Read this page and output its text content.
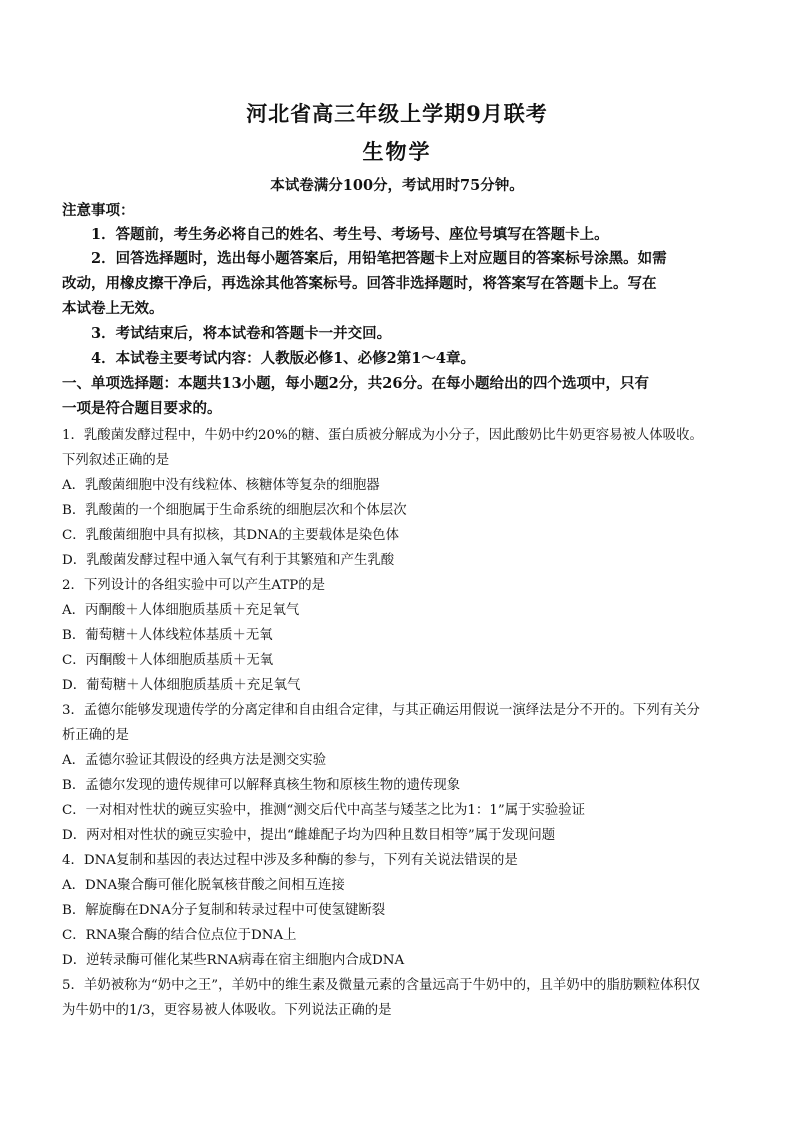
河北省高三年级上学期9月联考
生物学
本试卷满分100分，考试用时75分钟。
注意事项：
1．答题前，考生务必将自己的姓名、考生号、考场号、座位号填写在答题卡上。
2．回答选择题时，选出每小题答案后，用铅笔把答题卡上对应题目的答案标号涂黑。如需
改动，用橡皮擦干净后，再选涂其他答案标号。回答非选择题时，将答案写在答题卡上。写在
本试卷上无效。
3．考试结束后，将本试卷和答题卡一并交回。
4．本试卷主要考试内容：人教版必修1、必修2第1～4章。
一、单项选择题：本题共13小题，每小题2分，共26分。在每小题给出的四个选项中，只有
一项是符合题目要求的。
1．乳酸菌发酵过程中，牛奶中约20%的糖、蛋白质被分解成为小分子，因此酸奶比牛奶更容易被人体吸收。
下列叙述正确的是
A．乳酸菌细胞中没有线粒体、核糖体等复杂的细胞器
B．乳酸菌的一个细胞属于生命系统的细胞层次和个体层次
C．乳酸菌细胞中具有拟核，其DNA的主要载体是染色体
D．乳酸菌发酵过程中通入氧气有利于其繁殖和产生乳酸
2．下列设计的各组实验中可以产生ATP的是
A．丙酮酸＋人体细胞质基质＋充足氧气
B．葡萄糖＋人体线粒体基质＋无氧
C．丙酮酸＋人体细胞质基质＋无氧
D．葡萄糖＋人体细胞质基质＋充足氧气
3．孟德尔能够发现遗传学的分离定律和自由组合定律，与其正确运用假说一演绎法是分不开的。下列有关分
析正确的是
A．孟德尔验证其假设的经典方法是测交实验
B．孟德尔发现的遗传规律可以解释真核生物和原核生物的遗传现象
C．一对相对性状的豌豆实验中，推测“测交后代中高茎与矮茎之比为1：1”属于实验验证
D．两对相对性状的豌豆实验中，提出“雌雄配子均为四种且数目相等”属于发现问题
4．DNA复制和基因的表达过程中涉及多种酶的参与，下列有关说法错误的是
A．DNA聚合酶可催化脱氧核苷酸之间相互连接
B．解旋酶在DNA分子复制和转录过程中可使氢键断裂
C．RNA聚合酶的结合位点位于DNA上
D．逆转录酶可催化某些RNA病毒在宿主细胞内合成DNA
5．羊奶被称为“奶中之王”，羊奶中的维生素及微量元素的含量远高于牛奶中的，且羊奶中的脂肪颗粒体积仅
为牛奶中的1/3，更容易被人体吸收。下列说法正确的是
